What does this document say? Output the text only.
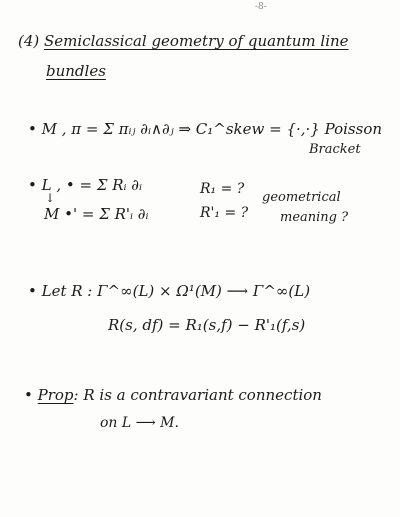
-8-
(4) Semiclassical geometry of quantum line
bundles
• M , π = Σ πᵢⱼ ∂ᵢ∧∂ⱼ ⇒ C₁^skew = {·,·} Poisson
Bracket
• L , • = Σ Rᵢ ∂ᵢ
↓
M •' = Σ R'ᵢ ∂ᵢ
R₁ = ?
R'₁ = ?
geometrical
meaning ?
• Let R : Γ^∞(L) × Ω¹(M) ⟶ Γ^∞(L)
R(s, df) = R₁(s,f) − R'₁(f,s)
• Prop: R is a contravariant connection
on L ⟶ M.
